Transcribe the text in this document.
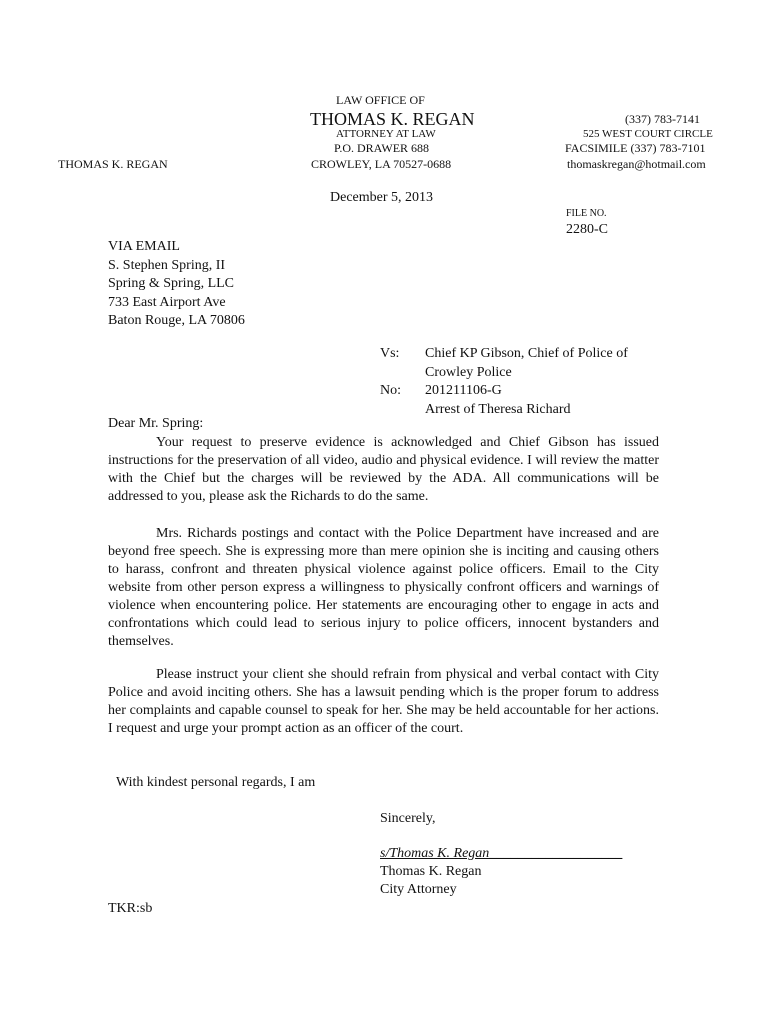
LAW OFFICE OF
THOMAS K. REGAN
ATTORNEY AT LAW
P.O. DRAWER 688
CROWLEY, LA 70527-0688
THOMAS K. REGAN
(337) 783-7141
525 WEST COURT CIRCLE
FACSIMILE (337) 783-7101
thomaskregan@hotmail.com
December 5, 2013
FILE NO.
2280-C
VIA EMAIL
S. Stephen Spring, II
Spring & Spring, LLC
733 East Airport Ave
Baton Rouge, LA 70806
Vs:
No:
Chief KP Gibson, Chief of Police of
Crowley Police
201211106-G
Arrest of Theresa Richard
Dear Mr. Spring:

Your request to preserve evidence is acknowledged and Chief Gibson has issued instructions for the preservation of all video, audio and physical evidence. I will review the matter with the Chief but the charges will be reviewed by the ADA. All communications will be addressed to you, please ask the Richards to do the same.

Mrs. Richards postings and contact with the Police Department have increased and are beyond free speech. She is expressing more than mere opinion she is inciting and causing others to harass, confront and threaten physical violence against police officers. Email to the City website from other person express a willingness to physically confront officers and warnings of violence when encountering police. Her statements are encouraging other to engage in acts and confrontations which could lead to serious injury to police officers, innocent bystanders and themselves.

Please instruct your client she should refrain from physical and verbal contact with City Police and avoid inciting others. She has a lawsuit pending which is the proper forum to address her complaints and capable counsel to speak for her. She may be held accountable for her actions. I request and urge your prompt action as an officer of the court.

With kindest personal regards, I am
Sincerely,
s/Thomas K. Regan___________________
Thomas K. Regan
City Attorney
TKR:sb
